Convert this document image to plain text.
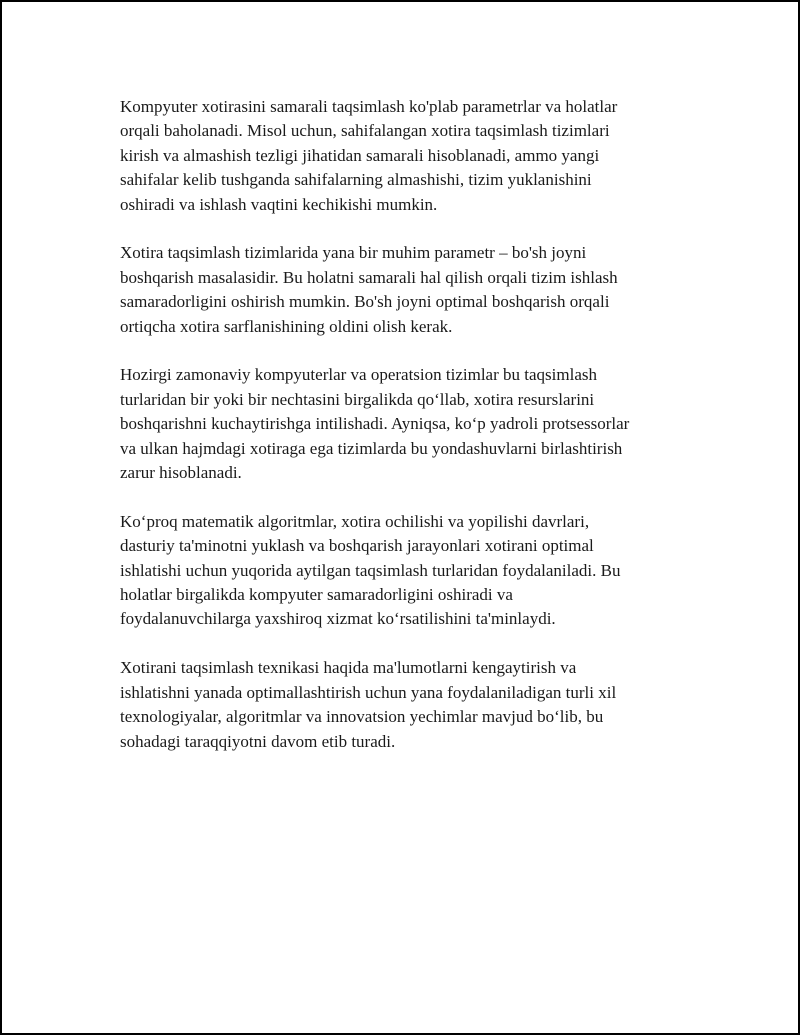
Kompyuter xotirasini samarali taqsimlash ko'plab parametrlar va holatlar
orqali baholanadi. Misol uchun, sahifalangan xotira taqsimlash tizimlari
kirish va almashish tezligi jihatidan samarali hisoblanadi, ammo yangi
sahifalar kelib tushganda sahifalarning almashishi, tizim yuklanishini
oshiradi va ishlash vaqtini kechikishi mumkin.

Xotira taqsimlash tizimlarida yana bir muhim parametr – bo'sh joyni
boshqarish masalasidir. Bu holatni samarali hal qilish orqali tizim ishlash
samaradorligini oshirish mumkin. Bo'sh joyni optimal boshqarish orqali
ortiqcha xotira sarflanishining oldini olish kerak.

Hozirgi zamonaviy kompyuterlar va operatsion tizimlar bu taqsimlash
turlaridan bir yoki bir nechtasini birgalikda qo‘llab, xotira resurslarini
boshqarishni kuchaytirishga intilishadi. Ayniqsa, ko‘p yadroli protsessorlar
va ulkan hajmdagi xotiraga ega tizimlarda bu yondashuvlarni birlashtirish
zarur hisoblanadi.

Ko‘proq matematik algoritmlar, xotira ochilishi va yopilishi davrlari,
dasturiy ta'minotni yuklash va boshqarish jarayonlari xotirani optimal
ishlatishi uchun yuqorida aytilgan taqsimlash turlaridan foydalaniladi. Bu
holatlar birgalikda kompyuter samaradorligini oshiradi va
foydalanuvchilarga yaxshiroq xizmat ko‘rsatilishini ta'minlaydi.

Xotirani taqsimlash texnikasi haqida ma'lumotlarni kengaytirish va
ishlatishni yanada optimallashtirish uchun yana foydalaniladigan turli xil
texnologiyalar, algoritmlar va innovatsion yechimlar mavjud bo‘lib, bu
sohadagi taraqqiyotni davom etib turadi.
